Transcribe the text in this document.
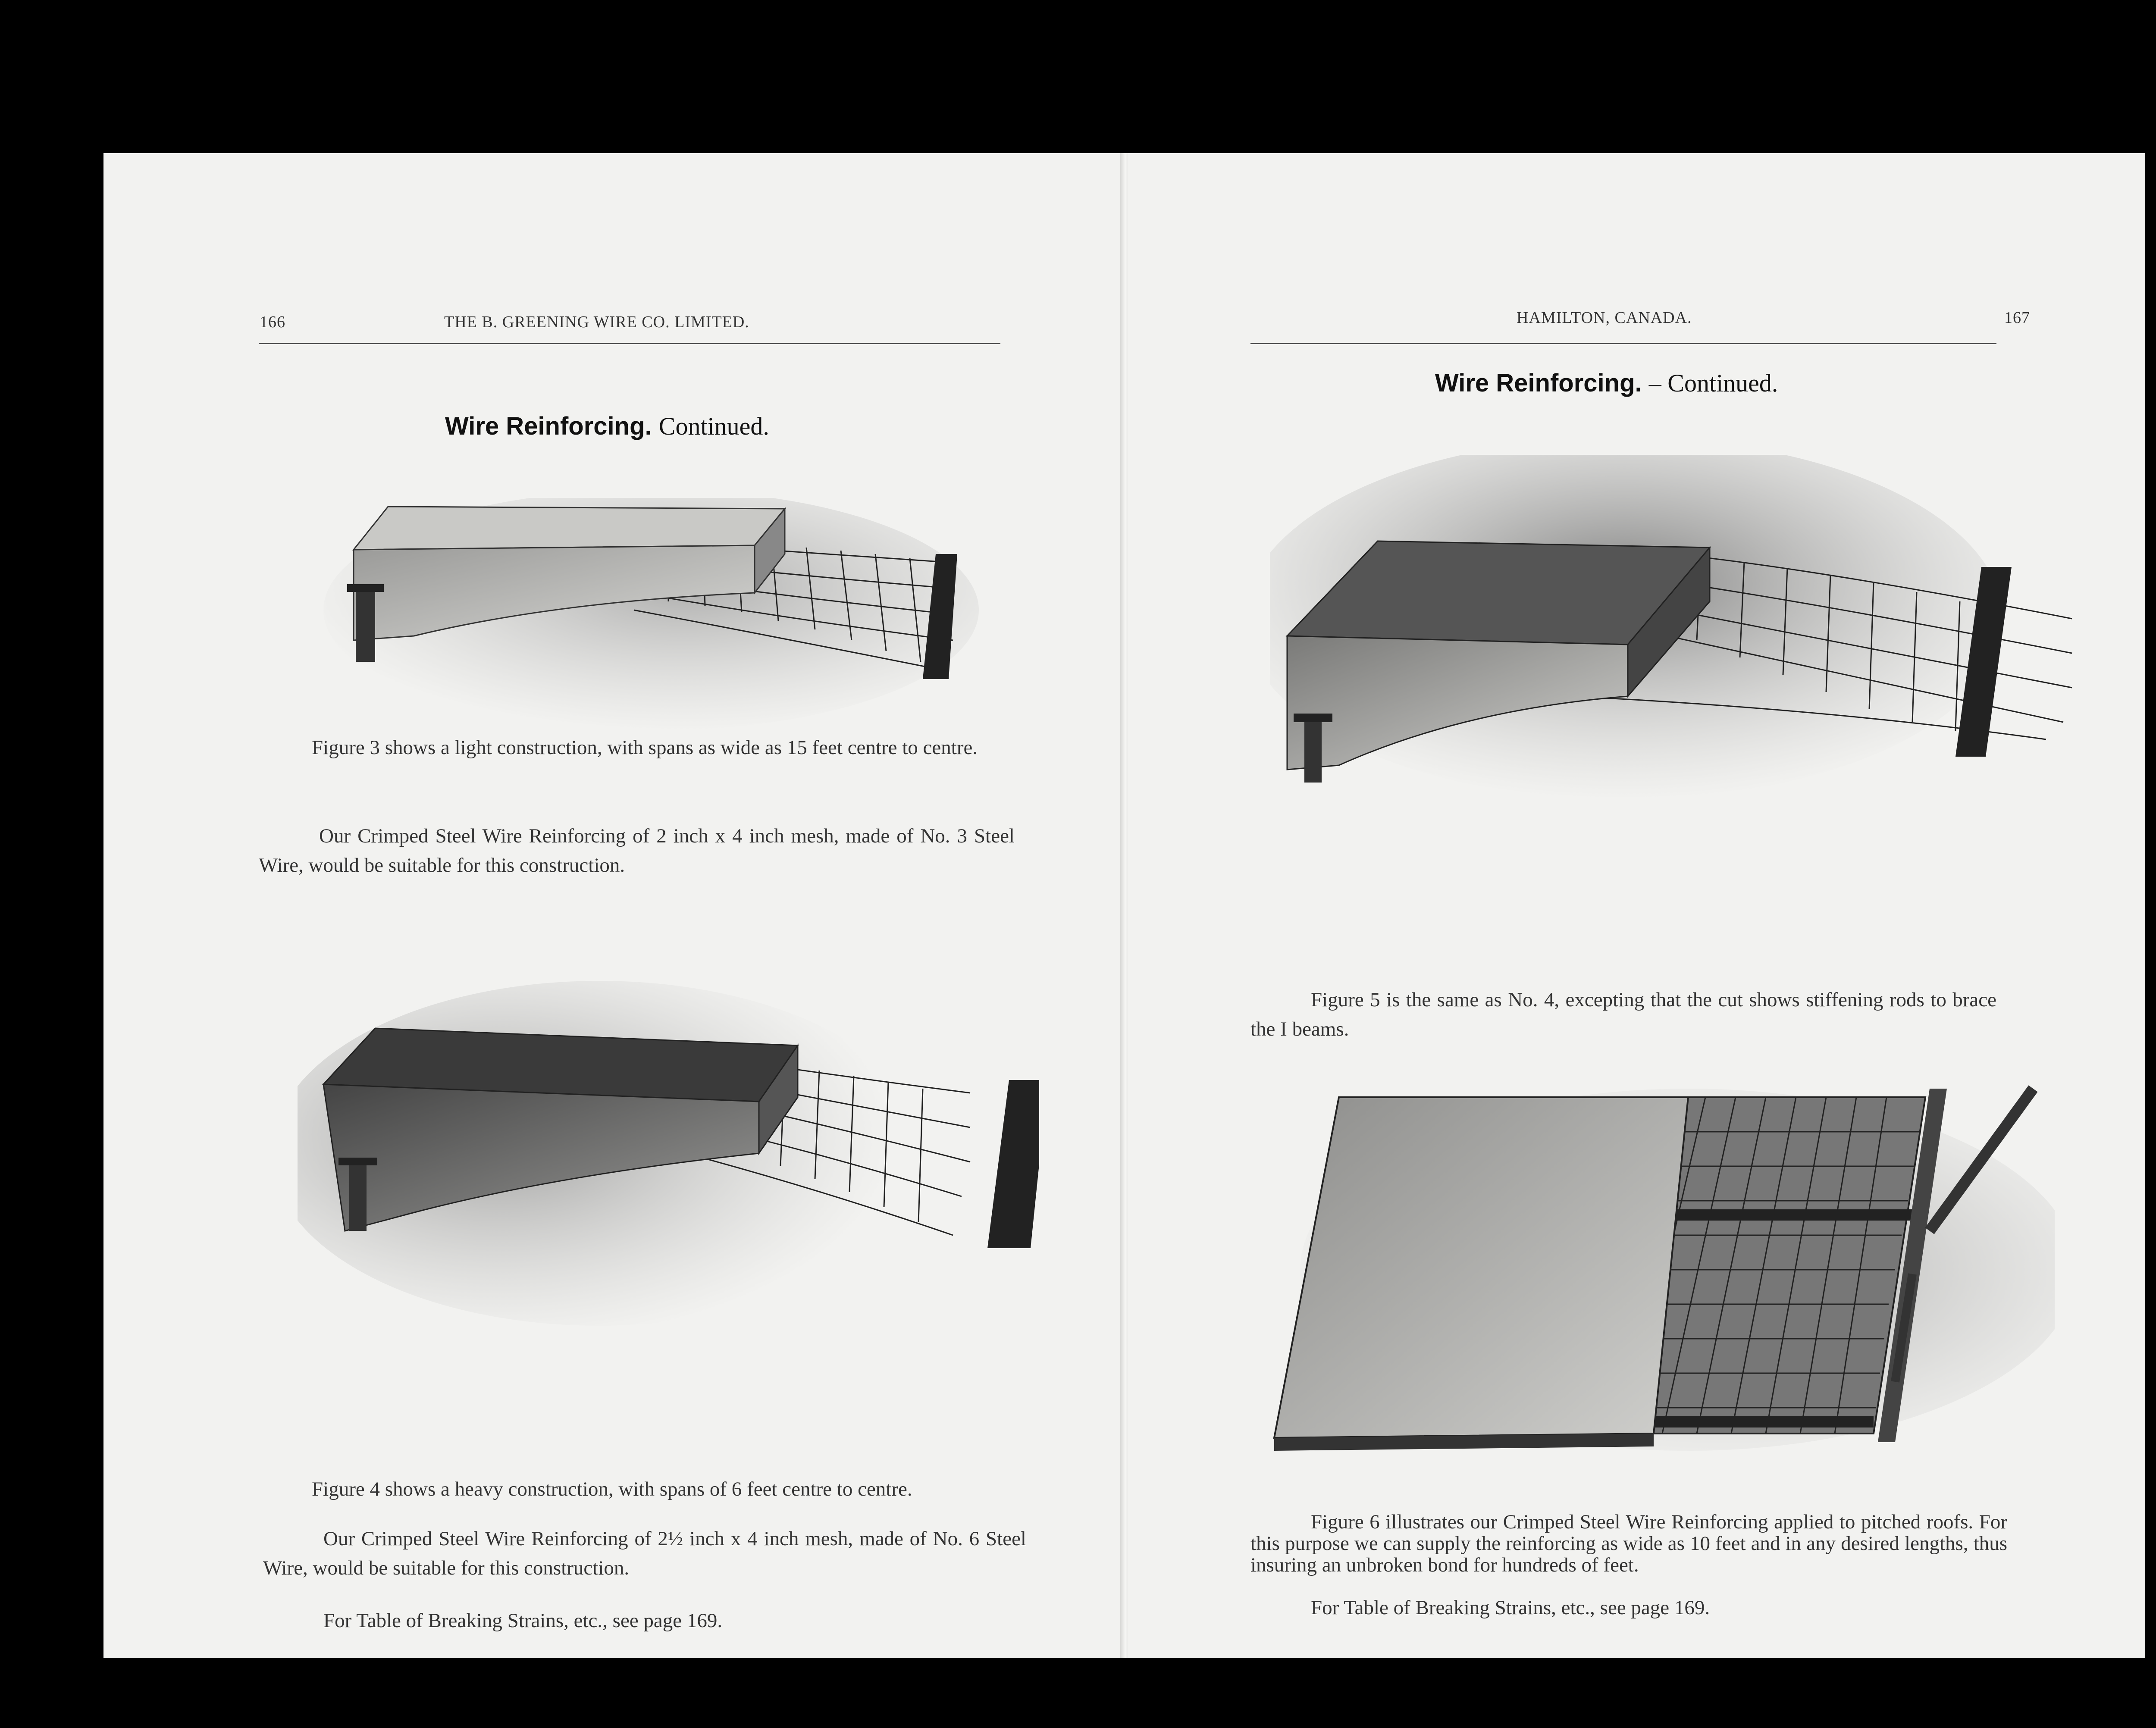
166	THE B. GREENING WIRE CO. LIMITED.
Wire Reinforcing. Continued.
Figure 3 shows a light construction, with spans as wide as 15 feet centre to centre.
Our Crimped Steel Wire Reinforcing of 2 inch x 4 inch mesh, made of No. 3 Steel Wire, would be suitable for this construction.
Figure 4 shows a heavy construction, with spans of 6 feet centre to centre.
Our Crimped Steel Wire Reinforcing of 2½ inch x 4 inch mesh, made of No. 6 Steel Wire, would be suitable for this construction.
For Table of Breaking Strains, etc., see page 169.
HAMILTON, CANADA.	167
Wire Reinforcing. – Continued.
Figure 5 is the same as No. 4, excepting that the cut shows stiffening rods to brace the I beams.
Figure 6 illustrates our Crimped Steel Wire Reinforcing applied to pitched roofs. For this purpose we can supply the reinforcing as wide as 10 feet and in any desired lengths, thus insuring an unbroken bond for hundreds of feet.
For Table of Breaking Strains, etc., see page 169.
